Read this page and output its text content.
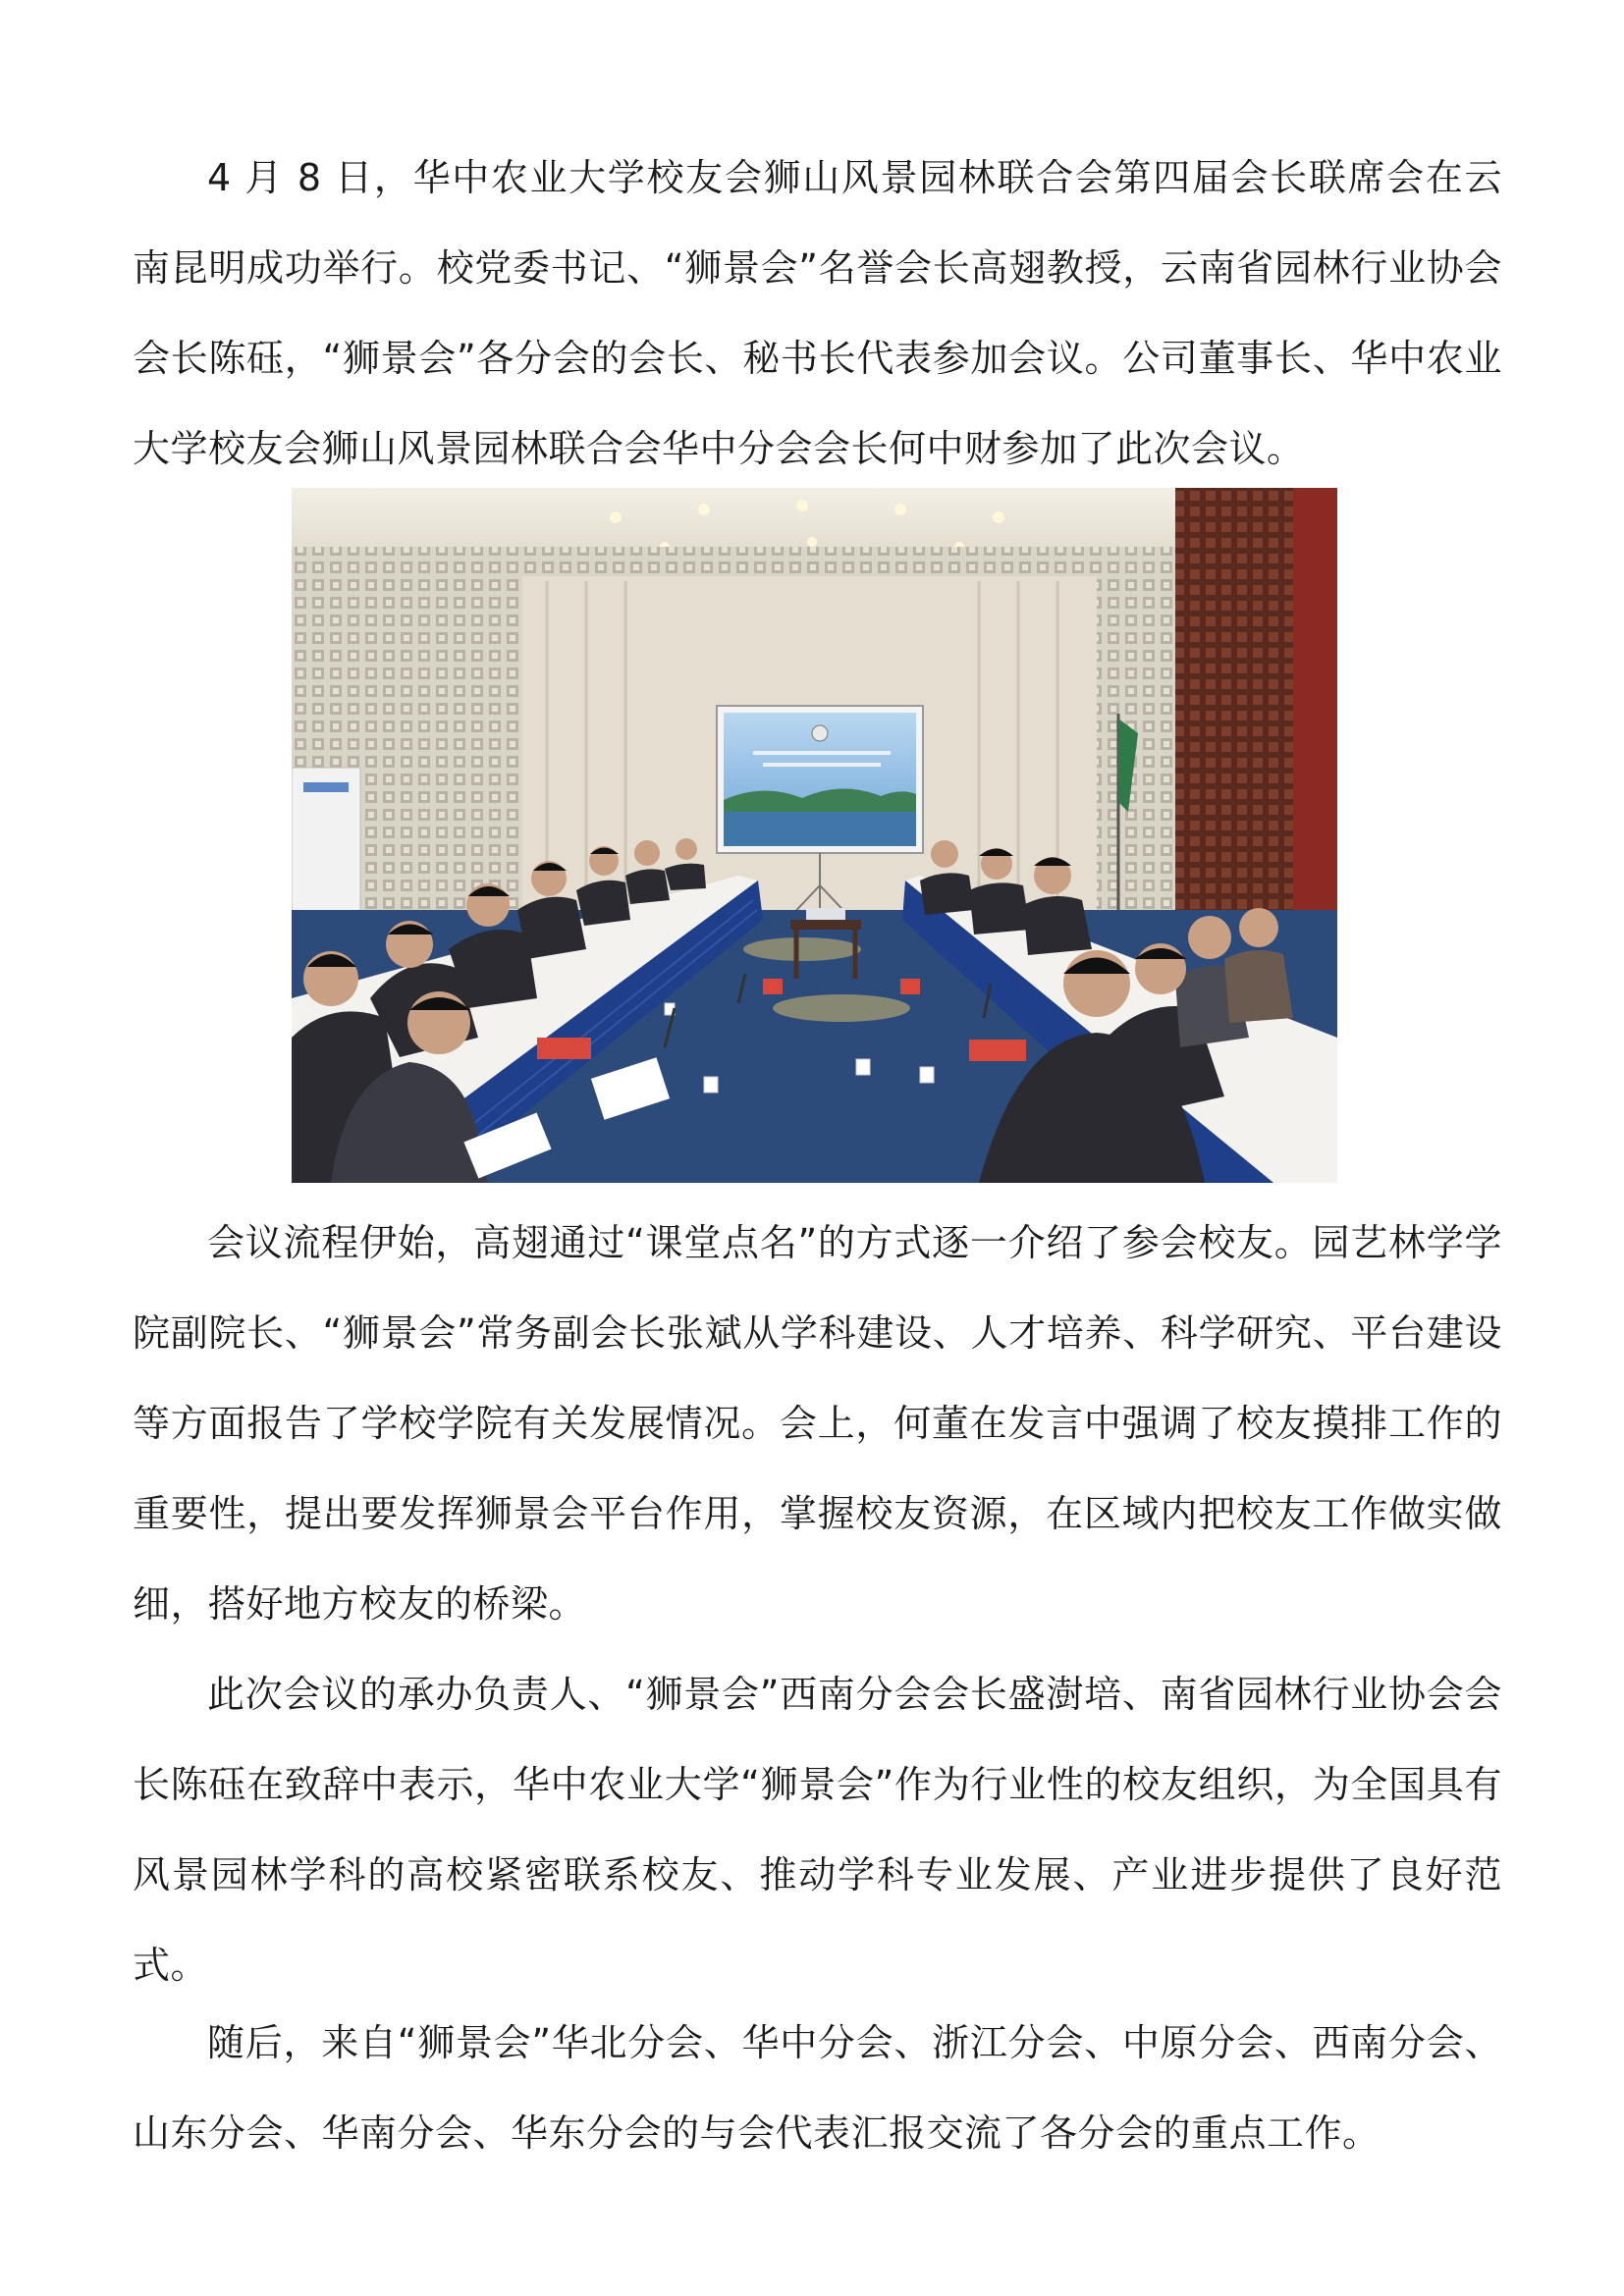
4 月 8 日，华中农业大学校友会狮山风景园林联合会第四届会长联席会在云南昆明成功举行。校党委书记、“狮景会”名誉会长高翅教授，云南省园林行业协会会长陈砡，“狮景会”各分会的会长、秘书长代表参加会议。公司董事长、华中农业大学校友会狮山风景园林联合会华中分会会长何中财参加了此次会议。

会议流程伊始，高翅通过“课堂点名”的方式逐一介绍了参会校友。园艺林学学院副院长、“狮景会”常务副会长张斌从学科建设、人才培养、科学研究、平台建设等方面报告了学校学院有关发展情况。会上，何董在发言中强调了校友摸排工作的重要性，提出要发挥狮景会平台作用，掌握校友资源，在区域内把校友工作做实做细，搭好地方校友的桥梁。

此次会议的承办负责人、“狮景会”西南分会会长盛澍培、南省园林行业协会会长陈砡在致辞中表示，华中农业大学“狮景会”作为行业性的校友组织，为全国具有风景园林学科的高校紧密联系校友、推动学科专业发展、产业进步提供了良好范式。

随后，来自“狮景会”华北分会、华中分会、浙江分会、中原分会、西南分会、山东分会、华南分会、华东分会的与会代表汇报交流了各分会的重点工作。
